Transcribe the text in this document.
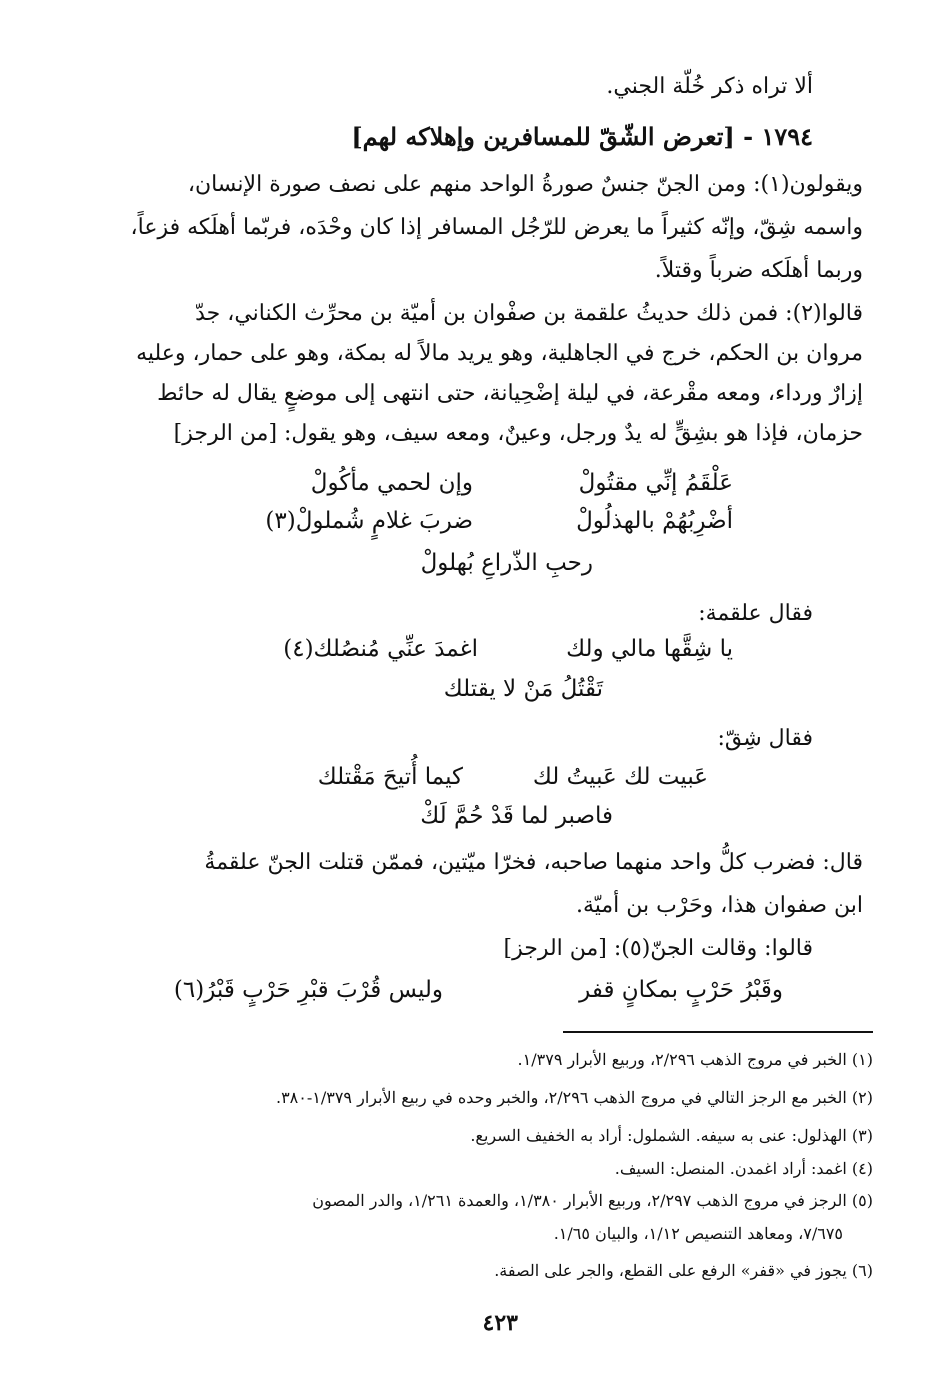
ألا تراه ذكر خُلّة الجني.
١٧٩٤ - [تعرض الشّقّ للمسافرين وإهلاكه لهم]
ويقولون(١): ومن الجنّ جنسٌ صورةُ الواحد منهم على نصف صورة الإنسان،
واسمه شِقّ، وإنّه كثيراً ما يعرض للرّجُل المسافر إذا كان وحْدَه، فربّما أهلَكه فزعاً،
وربما أهلَكه ضرباً وقتلاً.
قالوا(٢): فمن ذلك حديثُ علقمة بن صفْوان بن أميّة بن محرِّث الكناني، جدّ
مروان بن الحكم، خرج في الجاهلية، وهو يريد مالاً له بمكة، وهو على حمار، وعليه
إزارٌ ورداء، ومعه مقْرعة، في ليلة إضْحِيانة، حتى انتهى إلى موضعٍ يقال له حائط
حزمان، فإذا هو بشِقٍّ له يدٌ ورجل، وعينٌ، ومعه سيف، وهو يقول: [من الرجز]
عَلْقَمُ إنِّي مقتُولْ
وإن لحمي مأكُولْ
أضْرِبُهُمْ بالهذلُولْ
ضربَ غلامٍ شُملولْ(٣)
رحبِ الذّراعِ بُهلولْ
فقال علقمة:
يا شِقَّها مالي ولك
اغمدَ عنِّي مُنصُلك(٤)
تَقْتُلُ مَنْ لا يقتلك
فقال شِقّ:
عَبيت لك عَبيتُ لك
كيما أُتيحَ مَقْتلك
فاصبر لما قَدْ حُمَّ لَكْ
قال: فضرب كلُّ واحد منهما صاحبه، فخرّا ميّتين، فممّن قتلت الجنّ علقمةُ
ابن صفوان هذا، وحَرْب بن أميّة.
قالوا: وقالت الجنّ(٥): [من الرجز]
وقَبْرُ حَرْبٍ بمكانٍ قفر
وليس قُرْبَ قبْرِ حَرْبٍ قَبْرُ(٦)
(١) الخبر في مروج الذهب ٢/٢٩٦، وربيع الأبرار ١/٣٧٩.
(٢) الخبر مع الرجز التالي في مروج الذهب ٢/٢٩٦، والخبر وحده في ربيع الأبرار ١/٣٧٩-٣٨٠.
(٣) الهذلول: عنى به سيفه. الشملول: أراد به الخفيف السريع.
(٤) اغمد: أراد اغمدن. المنصل: السيف.
(٥) الرجز في مروج الذهب ٢/٢٩٧، وربيع الأبرار ١/٣٨٠، والعمدة ١/٢٦١، والدر المصون
٧/٦٧٥، ومعاهد التنصيص ١/١٢، والبيان ١/٦٥.
(٦) يجوز في «قفر» الرفع على القطع، والجر على الصفة.
٤٢٣
